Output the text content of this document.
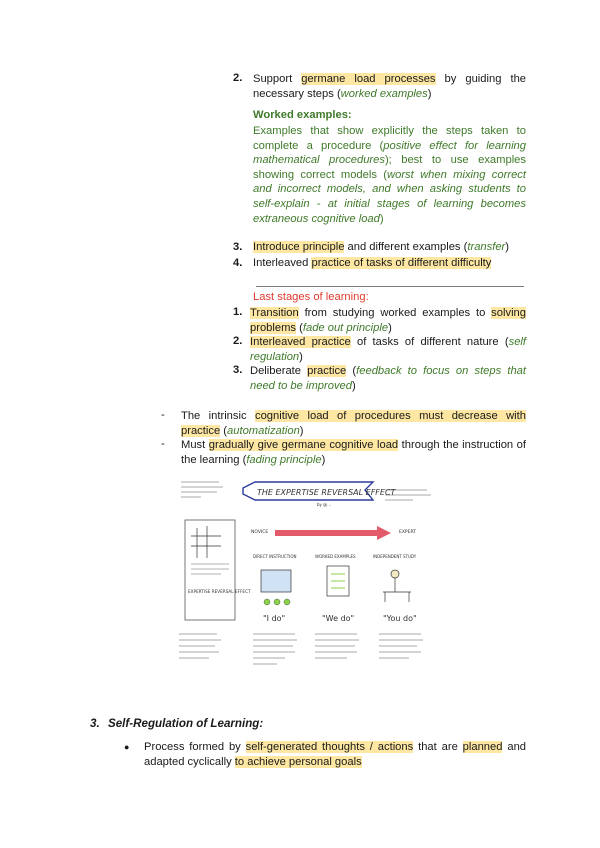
2. Support germane load processes by guiding the necessary steps (worked examples)
Worked examples:
Examples that show explicitly the steps taken to complete a procedure (positive effect for learning mathematical procedures); best to use examples showing correct models (worst when mixing correct and incorrect models, and when asking students to self-explain - at initial stages of learning becomes extraneous cognitive load)
3. Introduce principle and different examples (transfer)
4. Interleaved practice of tasks of different difficulty
Last stages of learning:
1. Transition from studying worked examples to solving problems (fade out principle)
2. Interleaved practice of tasks of different nature (self regulation)
3. Deliberate practice (feedback to focus on steps that need to be improved)
- The intrinsic cognitive load of procedures must decrease with practice (automatization)
- Must gradually give germane cognitive load through the instruction of the learning (fading principle)
THE EXPERTISE REVERSAL EFFECT
by @...
EXPERTISE REVERSAL EFFECT
NOVICE	EXPERT
DIRECT INSTRUCTION	WORKED EXAMPLES	INDEPENDENT STUDY
"I do"	"We do"	"You do"
3. Self-Regulation of Learning:
● Process formed by self-generated thoughts / actions that are planned and adapted cyclically to achieve personal goals
